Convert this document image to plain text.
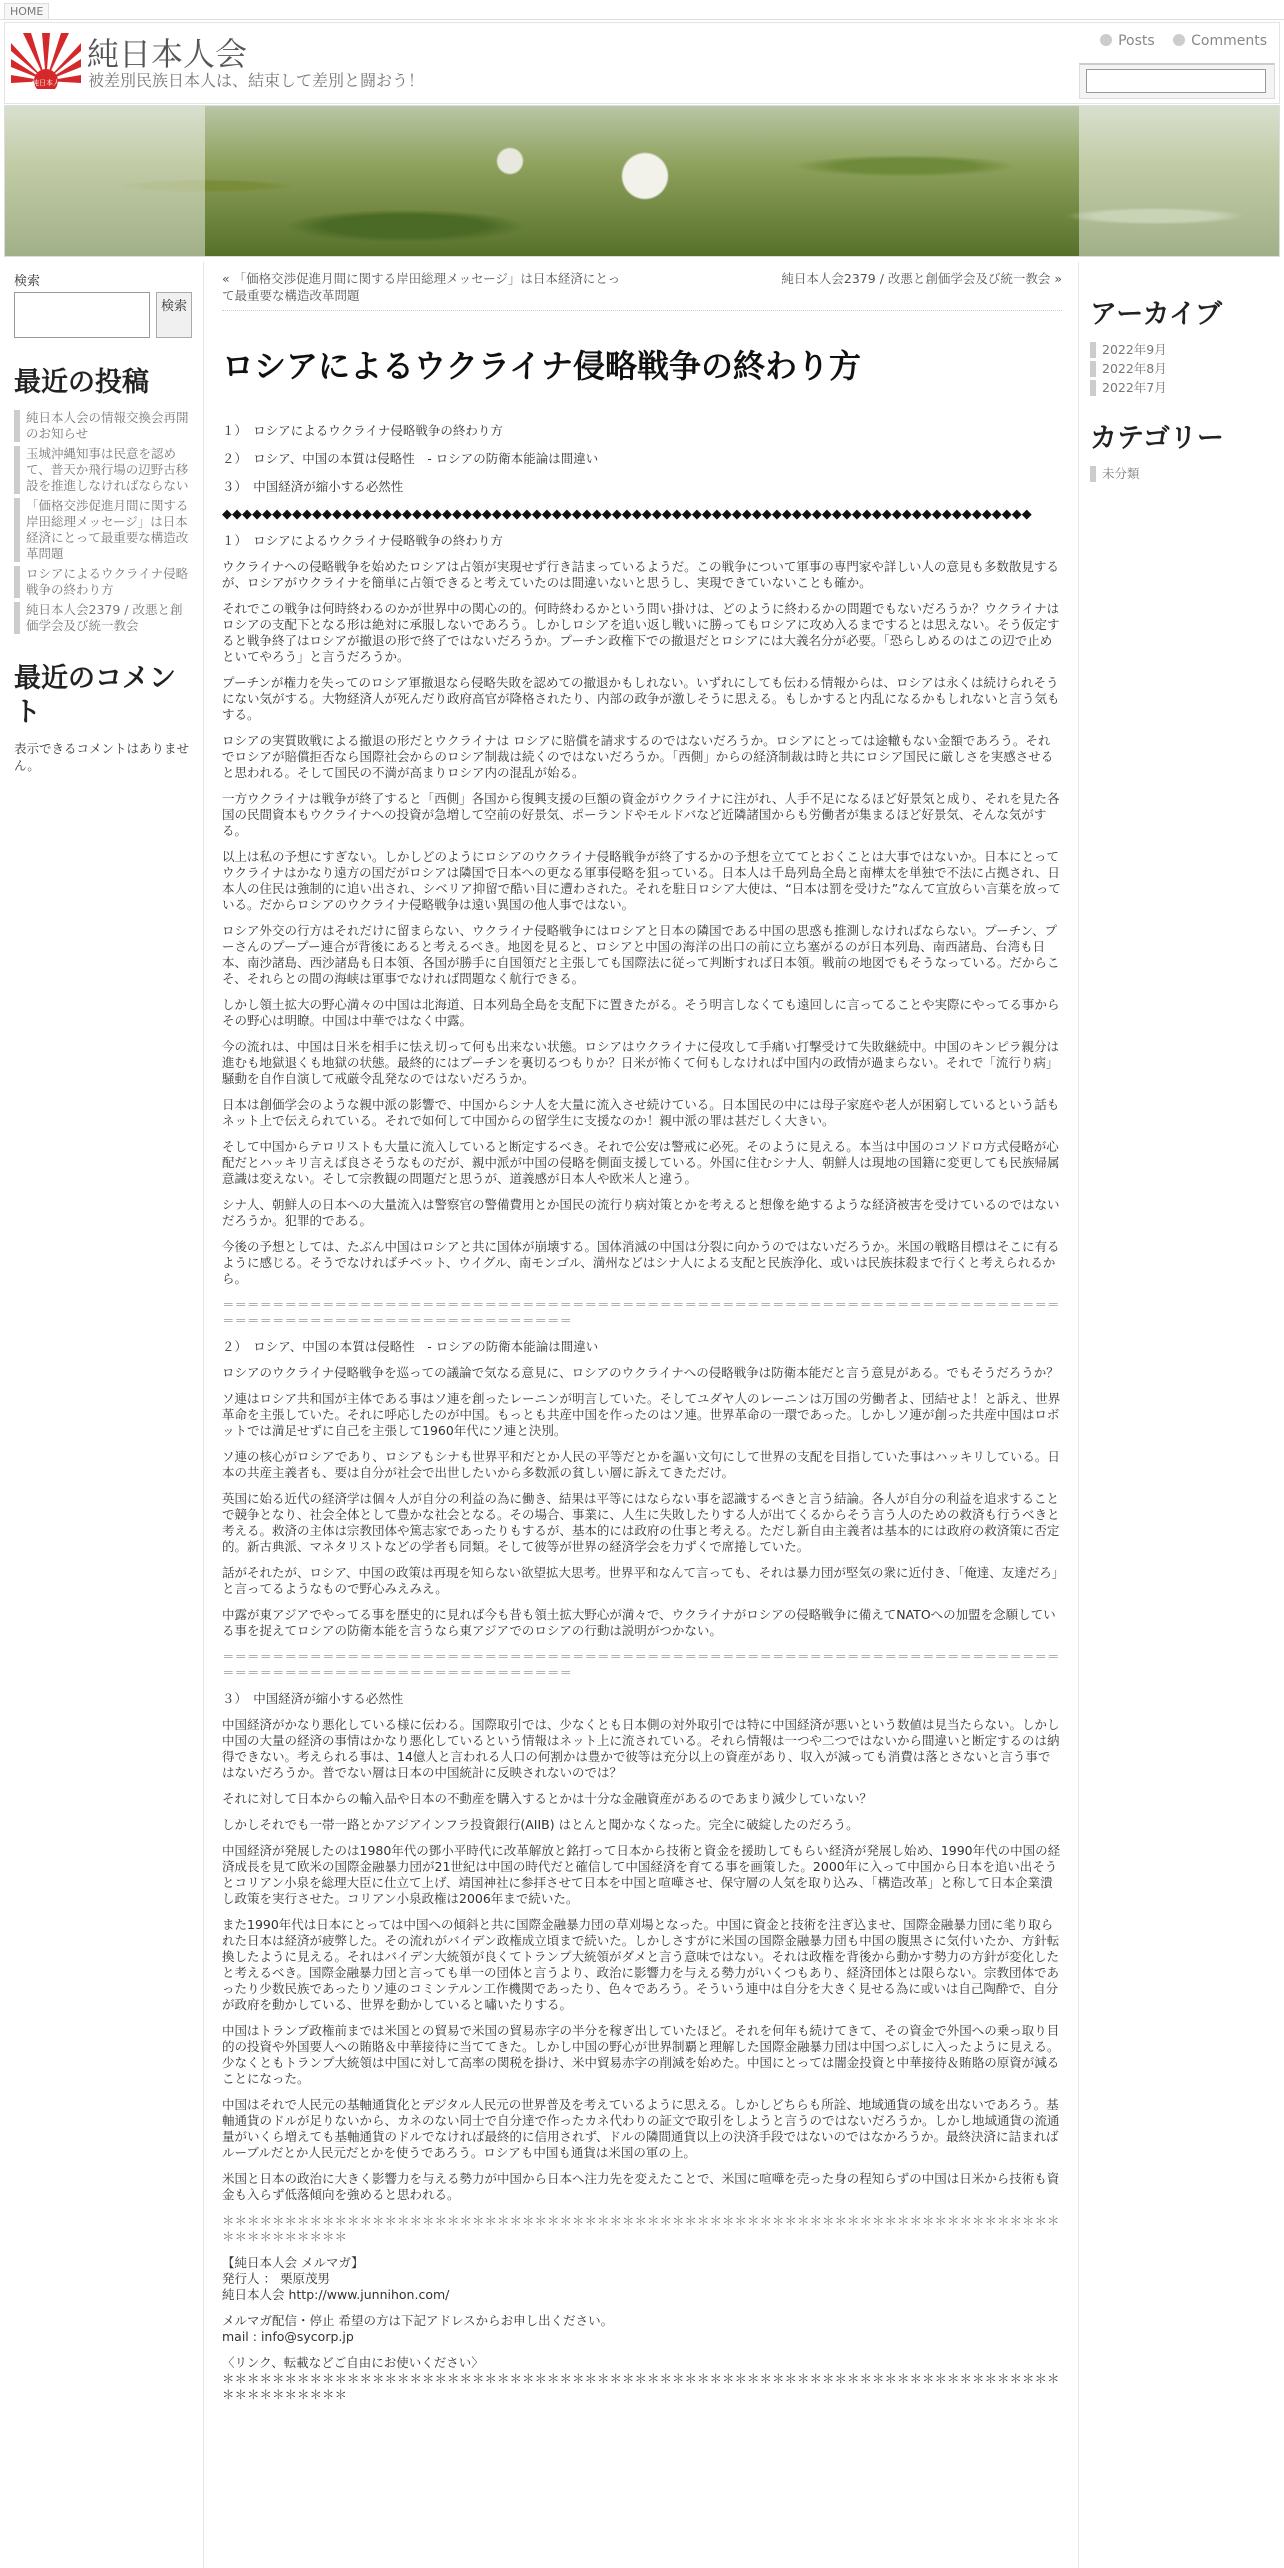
HOME
純日本人
純日本人会
被差別民族日本人は、結束して差別と闘おう！
Posts	Comments
検索
検索
最近の投稿
純日本人会の情報交換会再開のお知らせ
玉城沖縄知事は民意を認めて、普天か飛行場の辺野古移設を推進しなければならない
「価格交渉促進月間に関する岸田総理メッセージ」は日本経済にとって最重要な構造改革問題
ロシアによるウクライナ侵略戦争の終わり方
純日本人会2379 / 改悪と創価学会及び統一教会
最近のコメント
表示できるコメントはありません。
アーカイブ
2022年9月
2022年8月
2022年7月
カテゴリー
未分類
« 「価格交渉促進月間に関する岸田総理メッセージ」は日本経済にとって最重要な構造改革問題
純日本人会2379 / 改悪と創価学会及び統一教会 »
ロシアによるウクライナ侵略戦争の終わり方

１）　ロシアによるウクライナ侵略戦争の終わり方

２）　ロシア、中国の本質は侵略性　- ロシアの防衛本能論は間違い

３）　中国経済が縮小する必然性

◆◆◆◆◆◆◆◆◆◆◆◆◆◆◆◆◆◆◆◆◆◆◆◆◆◆◆◆◆◆◆◆◆◆◆◆◆◆◆◆◆◆◆◆◆◆◆◆◆◆◆◆◆◆◆◆◆◆◆◆◆◆◆◆◆◆◆◆◆◆◆◆◆◆◆◆◆◆◆◆◆

１）　ロシアによるウクライナ侵略戦争の終わり方

ウクライナへの侵略戦争を始めたロシアは占領が実現せず行き詰まっているようだ。この戦争について軍事の専門家や詳しい人の意見も多数散見するが、ロシアがウクライナを簡単に占領できると考えていたのは間違いないと思うし、実現できていないことも確か。

それでこの戦争は何時終わるのかが世界中の関心の的。何時終わるかという問い掛けは、どのように終わるかの問題でもないだろうか？ウクライナはロシアの支配下となる形は絶対に承服しないであろう。しかしロシアを追い返し戦いに勝ってもロシアに攻め入るまでするとは思えない。そう仮定すると戦争終了はロシアが撤退の形で終了ではないだろうか。プーチン政権下での撤退だとロシアには大義名分が必要。「恐らしめるのはこの辺で止めといてやろう」と言うだろうか。

プーチンが権力を失ってのロシア軍撤退なら侵略失敗を認めての撤退かもしれない。いずれにしても伝わる情報からは、ロシアは永くは続けられそうにない気がする。大物経済人が死んだり政府高官が降格されたり、内部の政争が激しそうに思える。もしかすると内乱になるかもしれないと言う気もする。

ロシアの実質敗戦による撤退の形だとウクライナは ロシアに賠償を請求するのではないだろうか。ロシアにとっては途轍もない金額であろう。それでロシアが賠償拒否なら国際社会からのロシア制裁は続くのではないだろうか。「西側」からの経済制裁は時と共にロシア国民に厳しさを実感させると思われる。そして国民の不満が高まりロシア内の混乱が始る。

一方ウクライナは戦争が終了すると「西側」各国から復興支援の巨額の資金がウクライナに注がれ、人手不足になるほど好景気と成り、それを見た各国の民間資本もウクライナへの投資が急増して空前の好景気、ポーランドやモルドバなど近隣諸国からも労働者が集まるほど好景気、そんな気がする。

以上は私の予想にすぎない。しかしどのようにロシアのウクライナ侵略戦争が終了するかの予想を立ててとおくことは大事ではないか。日本にとってウクライナはかなり遠方の国だがロシアは隣国で日本への更なる軍事侵略を狙っている。日本人は千島列島全島と南樺太を単独で不法に占拠され、日本人の住民は強制的に追い出され、シベリア抑留で酷い目に遭わされた。それを駐日ロシア大使は、“日本は罰を受けた”なんて宣放らい言葉を放っている。だからロシアのウクライナ侵略戦争は遠い異国の他人事ではない。

ロシア外交の行方はそれだけに留まらない、ウクライナ侵略戦争にはロシアと日本の隣国である中国の思惑も推測しなければならない。プーチン、プーさんのプープー連合が背後にあると考えるべき。地図を見ると、ロシアと中国の海洋の出口の前に立ち塞がるのが日本列島、南西諸島、台湾も日本、南沙諸島、西沙諸島も日本領、各国が勝手に自国領だと主張しても国際法に従って判断すれば日本領。戦前の地図でもそうなっている。だからこそ、それらとの間の海峡は軍事でなければ問題なく航行できる。

しかし領土拡大の野心満々の中国は北海道、日本列島全島を支配下に置きたがる。そう明言しなくても遠回しに言ってることや実際にやってる事からその野心は明瞭。中国は中華ではなく中露。

今の流れは、中国は日米を相手に怯え切って何も出来ない状態。ロシアはウクライナに侵攻して手痛い打撃受けて失敗継続中。中国のキンピラ親分は進むも地獄退くも地獄の状態。最終的にはプーチンを裏切るつもりか？日米が怖くて何もしなければ中国内の政情が過まらない。それで「流行り病」騒動を自作自演して戒厳令乱発なのではないだろうか。

日本は創価学会のような親中派の影響で、中国からシナ人を大量に流入させ続けている。日本国民の中には母子家庭や老人が困窮しているという話もネット上で伝えられている。それで如何して中国からの留学生に支援なのか！親中派の罪は甚だしく大きい。

そして中国からテロリストも大量に流入していると断定するべき。それで公安は警戒に必死。そのように見える。本当は中国のコソドロ方式侵略が心配だとハッキリ言えば良さそうなものだが、親中派が中国の侵略を側面支援している。外国に住むシナ人、朝鮮人は現地の国籍に変更しても民族帰属意識は変えない。そして宗教観の問題だと思うが、道義感が日本人や欧米人と違う。

シナ人、朝鮮人の日本への大量流入は警察官の警備費用とか国民の流行り病対策とかを考えると想像を絶するような経済被害を受けているのではないだろうか。犯罪的である。

今後の予想としては、たぶん中国はロシアと共に国体が崩壊する。国体消滅の中国は分裂に向かうのではないだろうか。米国の戦略目標はそこに有るように感じる。そうでなければチベット、ウイグル、南モンゴル、満州などはシナ人による支配と民族浄化、或いは民族抹殺まで行くと考えられるから。

＝＝＝＝＝＝＝＝＝＝＝＝＝＝＝＝＝＝＝＝＝＝＝＝＝＝＝＝＝＝＝＝＝＝＝＝＝＝＝＝＝＝＝＝＝＝＝＝＝＝＝＝＝＝＝＝＝＝＝＝＝＝＝＝＝＝＝＝＝＝＝＝＝＝＝＝＝＝＝＝＝＝＝＝＝＝＝＝＝＝＝＝＝＝＝

２）　ロシア、中国の本質は侵略性　- ロシアの防衛本能論は間違い

ロシアのウクライナ侵略戦争を巡っての議論で気なる意見に、ロシアのウクライナへの侵略戦争は防衛本能だと言う意見がある。でもそうだろうか？

ソ連はロシア共和国が主体である事はソ連を創ったレーニンが明言していた。そしてユダヤ人のレーニンは万国の労働者よ、団結せよ！と訴え、世界革命を主張していた。それに呼応したのが中国。もっとも共産中国を作ったのはソ連。世界革命の一環であった。しかしソ連が創った共産中国はロボットでは満足せずに自己を主張して1960年代にソ連と決別。

ソ連の核心がロシアであり、ロシアもシナも世界平和だとか人民の平等だとかを謳い文句にして世界の支配を目指していた事はハッキリしている。日本の共産主義者も、要は自分が社会で出世したいから多数派の貧しい層に訴えてきただけ。

英国に始る近代の経済学は個々人が自分の利益の為に働き、結果は平等にはならない事を認識するべきと言う結論。各人が自分の利益を追求することで競争となり、社会全体として豊かな社会となる。その場合、事業に、人生に失敗したりする人が出てくるからそう言う人のための救済も行うべきと考える。救済の主体は宗教団体や篤志家であったりもするが、基本的には政府の仕事と考える。ただし新自由主義者は基本的には政府の救済策に否定的。新古典派、マネタリストなどの学者も同類。そして彼等が世界の経済学会を力ずくで席捲していた。

話がそれたが、ロシア、中国の政策は再現を知らない欲望拡大思考。世界平和なんて言っても、それは暴力団が堅気の衆に近付き、「俺達、友達だろ」と言ってるようなもので野心みえみえ。

中露が東アジアでやってる事を歴史的に見れば今も昔も領土拡大野心が満々で、ウクライナがロシアの侵略戦争に備えてNATOへの加盟を念願している事を捉えてロシアの防衛本能を言うなら東アジアでのロシアの行動は説明がつかない。

＝＝＝＝＝＝＝＝＝＝＝＝＝＝＝＝＝＝＝＝＝＝＝＝＝＝＝＝＝＝＝＝＝＝＝＝＝＝＝＝＝＝＝＝＝＝＝＝＝＝＝＝＝＝＝＝＝＝＝＝＝＝＝＝＝＝＝＝＝＝＝＝＝＝＝＝＝＝＝＝＝＝＝＝＝＝＝＝＝＝＝＝＝＝＝

３）　中国経済が縮小する必然性

中国経済がかなり悪化している様に伝わる。国際取引では、少なくとも日本側の対外取引では特に中国経済が悪いという数値は見当たらない。しかし中国の大量の経済の事情はかなり悪化しているという情報はネット上に流されている。それら情報は一つや二つではないから間違いと断定するのは納得できない。考えられる事は、14億人と言われる人口の何割かは豊かで彼等は充分以上の資産があり、収入が減っても消費は落とさないと言う事ではないだろうか。普でない層は日本の中国統計に反映されないのでは？

それに対して日本からの輸入品や日本の不動産を購入するとかは十分な金融資産があるのであまり減少していない？

しかしそれでも一帯一路とかアジアインフラ投資銀行(AIIB) はとんと聞かなくなった。完全に破綻したのだろう。

中国経済が発展したのは1980年代の鄧小平時代に改革解放と銘打って日本から技術と資金を援助してもらい経済が発展し始め、1990年代の中国の経済成長を見て欧米の国際金融暴力団が21世紀は中国の時代だと確信して中国経済を育てる事を画策した。2000年に入って中国から日本を追い出そうとコリアン小泉を総理大臣に仕立て上げ、靖国神社に参拝させて日本を中国と喧嘩させ、保守層の人気を取り込み、「構造改革」と称して日本企業潰し政策を実行させた。コリアン小泉政権は2006年まで続いた。

また1990年代は日本にとっては中国への傾斜と共に国際金融暴力団の草刈場となった。中国に資金と技術を注ぎ込ませ、国際金融暴力団に毟り取られた日本は経済が疲弊した。その流れがバイデン政権成立頃まで続いた。しかしさすがに米国の国際金融暴力団も中国の腹黒さに気付いたか、方針転換したように見える。それはバイデン大統領が良くてトランプ大統領がダメと言う意味ではない。それは政権を背後から動かす勢力の方針が変化したと考えるべき。国際金融暴力団と言っても単一の団体と言うより、政治に影響力を与える勢力がいくつもあり、経済団体とは限らない。宗教団体であったり少数民族であったりソ連のコミンテルン工作機関であったり、色々であろう。そういう連中は自分を大きく見せる為に或いは自己陶酔で、自分が政府を動かしている、世界を動かしていると嘯いたりする。

中国はトランプ政権前までは米国との貿易で米国の貿易赤字の半分を稼ぎ出していたほど。それを何年も続けてきて、その資金で外国への乗っ取り目的の投資や外国要人への賄賂＆中華接待に当ててきた。しかし中国の野心が世界制覇と理解した国際金融暴力団は中国つぶしに入ったように見える。少なくともトランプ大統領は中国に対して高率の関税を掛け、米中貿易赤字の削減を始めた。中国にとっては闇金投資と中華接待＆賄賂の原資が減ることになった。

中国はそれで人民元の基軸通貨化とデジタル人民元の世界普及を考えているように思える。しかしどちらも所詮、地域通貨の域を出ないであろう。基軸通貨のドルが足りないから、カネのない同士で自分達で作ったカネ代わりの証文で取引をしようと言うのではないだろうか。しかし地域通貨の流通量がいくら増えても基軸通貨のドルでなければ最終的に信用されず、ドルの隣間通貨以上の決済手段ではないのではなかろうか。最終決済に詰まればルーブルだとか人民元だとかを使うであろう。ロシアも中国も通貨は米国の軍の上。

米国と日本の政治に大きく影響力を与える勢力が中国から日本へ注力先を変えたことで、米国に喧嘩を売った身の程知らずの中国は日米から技術も資金も入らず低落傾向を強めると思われる。

＊＊＊＊＊＊＊＊＊＊＊＊＊＊＊＊＊＊＊＊＊＊＊＊＊＊＊＊＊＊＊＊＊＊＊＊＊＊＊＊＊＊＊＊＊＊＊＊＊＊＊＊＊＊＊＊＊＊＊＊＊＊＊＊＊＊＊＊＊＊＊＊＊＊＊＊＊

【純日本人会 メルマガ】
発行人 ： 栗原茂男
純日本人会 http://www.junnihon.com/

メルマガ配信・停止 希望の方は下記アドレスからお申し出ください。
mail : info@sycorp.jp

〈リンク、転載などご自由にお使いください〉
＊＊＊＊＊＊＊＊＊＊＊＊＊＊＊＊＊＊＊＊＊＊＊＊＊＊＊＊＊＊＊＊＊＊＊＊＊＊＊＊＊＊＊＊＊＊＊＊＊＊＊＊＊＊＊＊＊＊＊＊＊＊＊＊＊＊＊＊＊＊＊＊＊＊＊＊＊
